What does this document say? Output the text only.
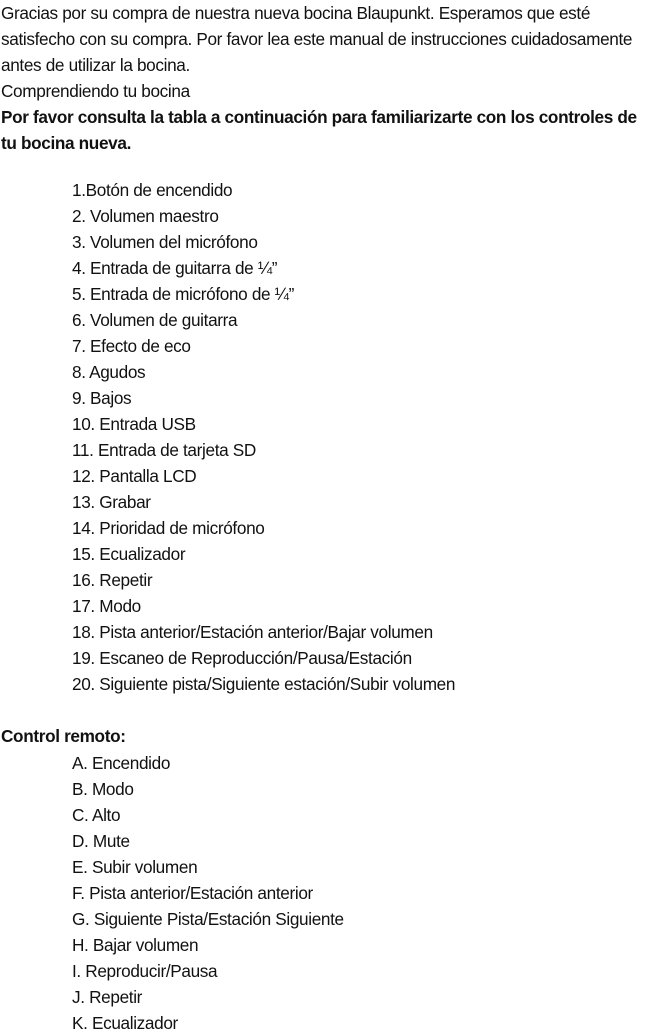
Gracias por su compra de nuestra nueva bocina Blaupunkt. Esperamos que esté satisfecho con su compra. Por favor lea este manual de instrucciones cuidadosamente antes de utilizar la bocina.

Comprendiendo tu bocina

Por favor consulta la tabla a continuación para familiarizarte con los controles de tu bocina nueva.

1.Botón de encendido
2. Volumen maestro
3. Volumen del micrófono
4. Entrada de guitarra de ¼”
5. Entrada de micrófono de ¼”
6. Volumen de guitarra
7. Efecto de eco
8. Agudos
9. Bajos
10. Entrada USB
11. Entrada de tarjeta SD
12. Pantalla LCD
13. Grabar
14. Prioridad de micrófono
15. Ecualizador
16. Repetir
17. Modo
18. Pista anterior/Estación anterior/Bajar volumen
19. Escaneo de Reproducción/Pausa/Estación
20. Siguiente pista/Siguiente estación/Subir volumen

Control remoto:

A. Encendido
B. Modo
C. Alto
D. Mute
E. Subir volumen
F. Pista anterior/Estación anterior
G. Siguiente Pista/Estación Siguiente
H. Bajar volumen
I. Reproducir/Pausa
J. Repetir
K. Ecualizador
